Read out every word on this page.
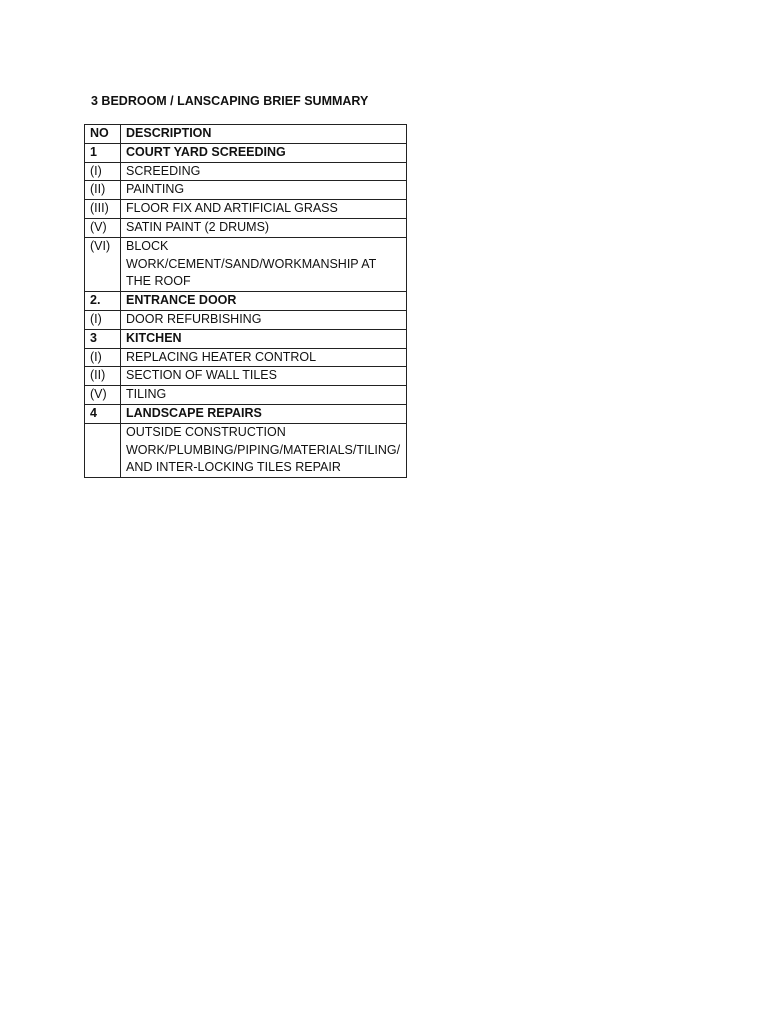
3 BEDROOM / LANSCAPING BRIEF SUMMARY
NO	DESCRIPTION
1	COURT YARD SCREEDING
(I)	SCREEDING
(II)	PAINTING
(III)	FLOOR FIX AND ARTIFICIAL GRASS
(V)	SATIN PAINT (2 DRUMS)
(VI)	BLOCK WORK/CEMENT/SAND/WORKMANSHIP AT THE ROOF
2.	ENTRANCE DOOR
(I)	DOOR REFURBISHING
3	KITCHEN
(I)	REPLACING HEATER CONTROL
(II)	SECTION OF WALL TILES
(V)	TILING
4	LANDSCAPE REPAIRS
	OUTSIDE CONSTRUCTION WORK/PLUMBING/PIPING/MATERIALS/TILING/ AND INTER-LOCKING TILES REPAIR
